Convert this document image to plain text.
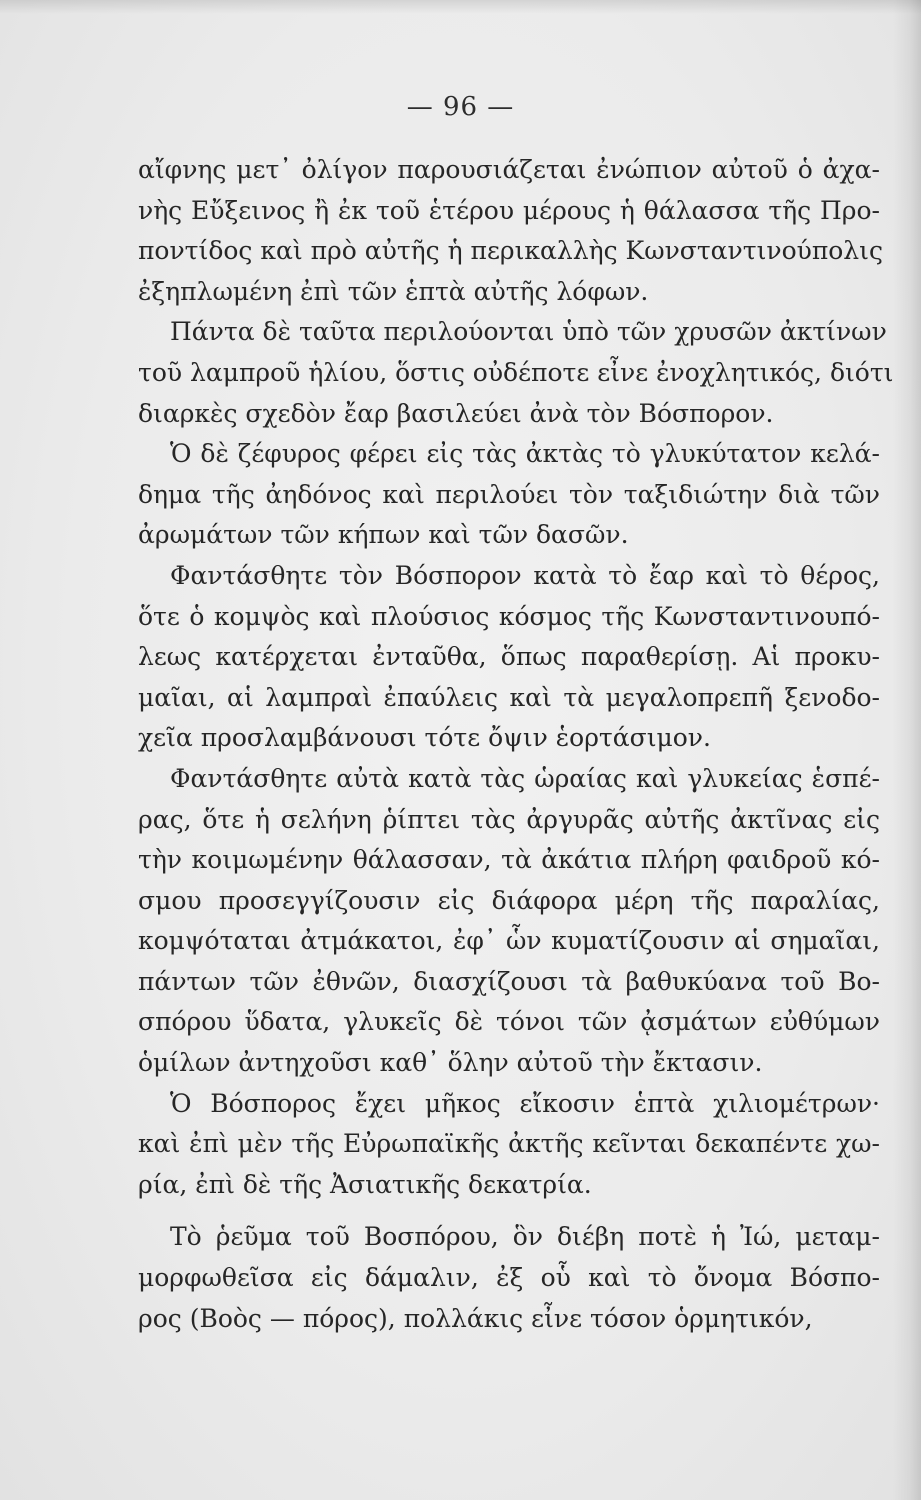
— 96 —
αἴφνης μετ᾽ ὀλίγον παρουσιάζεται ἐνώπιον αὐτοῦ ὁ ἀχα-
νὴς Εὔξεινος ἢ ἐκ τοῦ ἑτέρου μέρους ἡ θάλασσα τῆς Προ-
ποντίδος καὶ πρὸ αὐτῆς ἡ περικαλλὴς Κωνσταντινούπολις
ἐξηπλωμένη ἐπὶ τῶν ἑπτὰ αὐτῆς λόφων.
Πάντα δὲ ταῦτα περιλούονται ὑπὸ τῶν χρυσῶν ἀκτίνων
τοῦ λαμπροῦ ἡλίου, ὅστις οὐδέποτε εἶνε ἐνοχλητικός, διότι
διαρκὲς σχεδὸν ἔαρ βασιλεύει ἀνὰ τὸν Βόσπορον.
Ὁ δὲ ζέφυρος φέρει εἰς τὰς ἀκτὰς τὸ γλυκύτατον κελά-
δημα τῆς ἀηδόνος καὶ περιλούει τὸν ταξιδιώτην διὰ τῶν
ἀρωμάτων τῶν κήπων καὶ τῶν δασῶν.
Φαντάσθητε τὸν Βόσπορον κατὰ τὸ ἔαρ καὶ τὸ θέρος,
ὅτε ὁ κομψὸς καὶ πλούσιος κόσμος τῆς Κωνσταντινουπό-
λεως κατέρχεται ἐνταῦθα, ὅπως παραθερίσῃ. Αἱ προκυ-
μαῖαι, αἱ λαμπραὶ ἐπαύλεις καὶ τὰ μεγαλοπρεπῆ ξενοδο-
χεῖα προσλαμβάνουσι τότε ὄψιν ἑορτάσιμον.
Φαντάσθητε αὐτὰ κατὰ τὰς ὡραίας καὶ γλυκείας ἑσπέ-
ρας, ὅτε ἡ σελήνη ῥίπτει τὰς ἀργυρᾶς αὐτῆς ἀκτῖνας εἰς
τὴν κοιμωμένην θάλασσαν, τὰ ἀκάτια πλήρη φαιδροῦ κό-
σμου προσεγγίζουσιν εἰς διάφορα μέρη τῆς παραλίας,
κομψόταται ἀτμάκατοι, ἐφ᾽ ὧν κυματίζουσιν αἱ σημαῖαι,
πάντων τῶν ἐθνῶν, διασχίζουσι τὰ βαθυκύανα τοῦ Βο-
σπόρου ὕδατα, γλυκεῖς δὲ τόνοι τῶν ᾀσμάτων εὐθύμων
ὁμίλων ἀντηχοῦσι καθ᾽ ὅλην αὐτοῦ τὴν ἔκτασιν.
Ὁ Βόσπορος ἔχει μῆκος εἴκοσιν ἑπτὰ χιλιομέτρων·
καὶ ἐπὶ μὲν τῆς Εὐρωπαϊκῆς ἀκτῆς κεῖνται δεκαπέντε χω-
ρία, ἐπὶ δὲ τῆς Ἀσιατικῆς δεκατρία.
Τὸ ῥεῦμα τοῦ Βοσπόρου, ὃν διέβη ποτὲ ἡ Ἰώ, μεταμ-
μορφωθεῖσα εἰς δάμαλιν, ἐξ οὗ καὶ τὸ ὄνομα Βόσπο-
ρος (Βοὸς — πόρος), πολλάκις εἶνε τόσον ὁρμητικόν,
